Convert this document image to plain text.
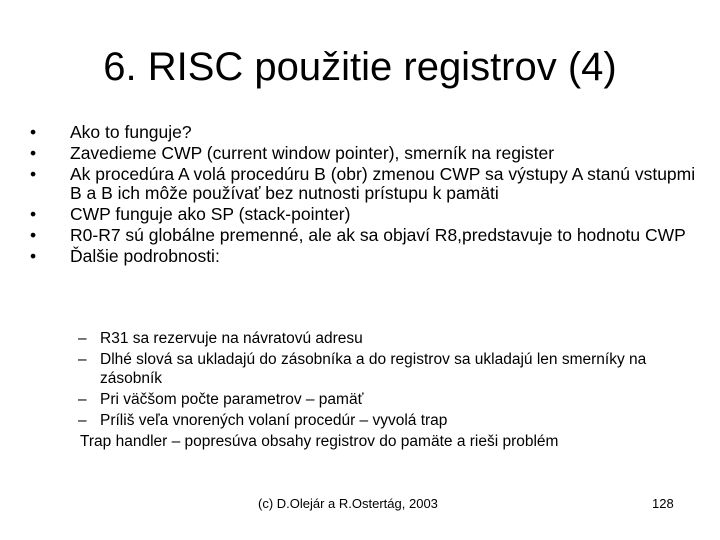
6. RISC použitie registrov (4)
• Ako to funguje?
• Zavedieme CWP (current window pointer), smerník na register
• Ak procedúra A volá procedúru B (obr) zmenou CWP sa výstupy A stanú vstupmi B a B ich môže používať bez nutnosti prístupu k pamäti
• CWP funguje ako SP (stack-pointer)
• R0-R7 sú globálne premenné, ale ak sa objaví R8,predstavuje to hodnotu CWP
• Ďalšie podrobnosti:
– R31 sa rezervuje na návratovú adresu
– Dlhé slová sa ukladajú do zásobníka a do registrov sa ukladajú len smerníky na zásobník
– Pri väčšom počte parametrov – pamäť
– Príliš veľa vnorených volaní procedúr – vyvolá trap
Trap handler – popresúva obsahy registrov do pamäte a rieši problém
(c) D.Olejár a R.Ostertág, 2003	128
